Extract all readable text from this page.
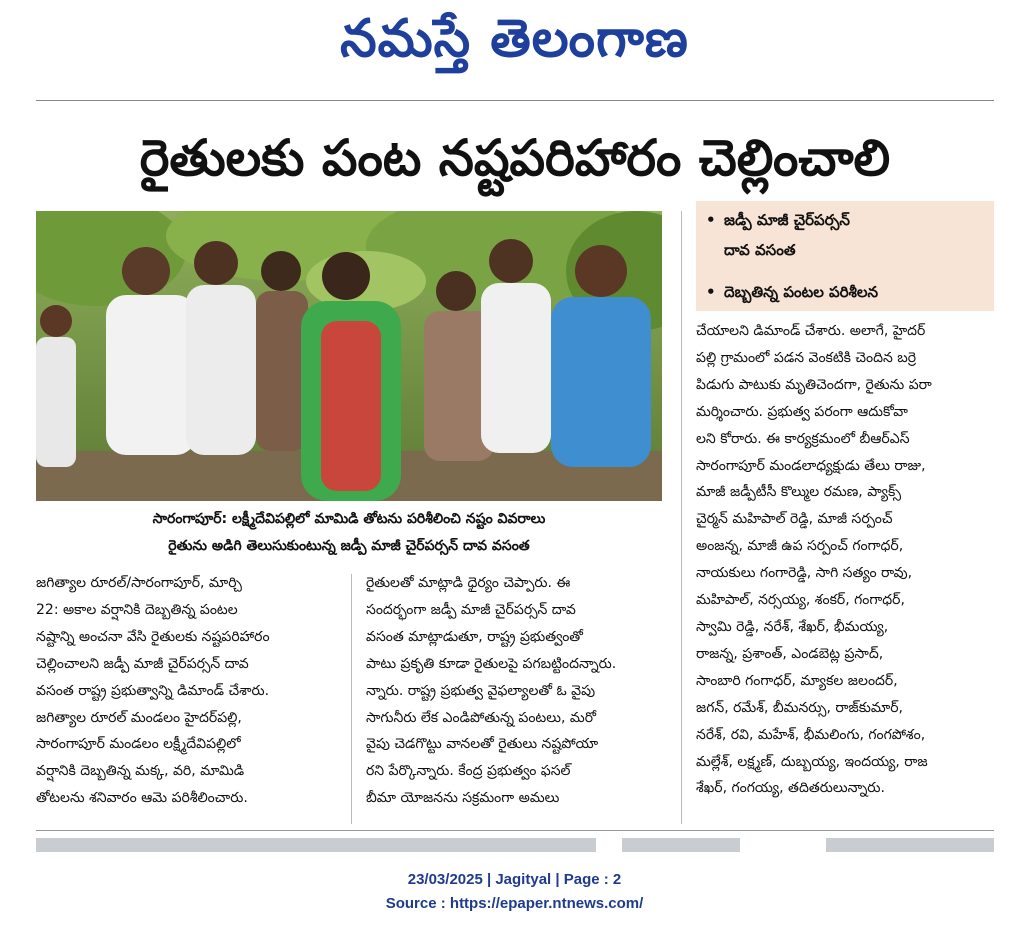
నమస్తే తెలంగాణ
రైతులకు పంట నష్టపరిహారం చెల్లించాలి
సారంగాపూర్: లక్ష్మీదేవిపల్లిలో మామిడి తోటను పరిశీలించి నష్టం వివరాలు
రైతును అడిగి తెలుసుకుంటున్న జడ్పీ మాజీ చైర్‌పర్సన్ దావ వసంత
• జడ్పీ మాజీ చైర్‌పర్సన్
దావ వసంత
• దెబ్బతిన్న పంటల పరిశీలన

జగిత్యాల రూరల్/సారంగాపూర్, మార్చి

22: అకాల వర్షానికి దెబ్బతిన్న పంటల

నష్టాన్ని అంచనా వేసి రైతులకు నష్టపరిహారం

చెల్లించాలని జడ్పీ మాజీ చైర్‌పర్సన్ దావ

వసంత రాష్ట్ర ప్రభుత్వాన్ని డిమాండ్ చేశారు.

జగిత్యాల రూరల్ మండలం హైదర్‌పల్లి,

సారంగాపూర్ మండలం లక్ష్మీదేవిపల్లిలో

వర్షానికి దెబ్బతిన్న మక్క, వరి, మామిడి

తోటలను శనివారం ఆమె పరిశీలించారు.

రైతులతో మాట్లాడి ధైర్యం చెప్పారు. ఈ

సందర్భంగా జడ్పీ మాజీ చైర్‌పర్సన్ దావ

వసంత మాట్లాడుతూ, రాష్ట్ర ప్రభుత్వంతో

పాటు ప్రకృతి కూడా రైతులపై పగబట్టిందన్నారు.

న్నారు. రాష్ట్ర ప్రభుత్వ వైఫల్యాలతో ఓ వైపు

సాగునీరు లేక ఎండిపోతున్న పంటలు, మరో

వైపు చెడగొట్టు వానలతో రైతులు నష్టపోయా

రని పేర్కొన్నారు. కేంద్ర ప్రభుత్వం ఫసల్

బీమా యోజనను సక్రమంగా అమలు

చేయాలని డిమాండ్ చేశారు. అలాగే, హైదర్

పల్లి గ్రామంలో పడన వెంకటికి చెందిన బర్రె

పిడుగు పాటుకు మృతిచెందగా, రైతును పరా

మర్శించారు. ప్రభుత్వ పరంగా ఆదుకోవా

లని కోరారు. ఈ కార్యక్రమంలో బీఆర్‌ఎస్

సారంగాపూర్ మండలాధ్యక్షుడు తేలు రాజు,

మాజీ జడ్పీటీసీ కొల్ముల రమణ, ప్యాక్స్

చైర్మన్ మహిపాల్ రెడ్డి, మాజీ సర్పంచ్

అంజన్న, మాజీ ఉప సర్పంచ్ గంగాధర్,

నాయకులు గంగారెడ్డి, సాగి సత్యం రావు,

మహిపాల్, నర్సయ్య, శంకర్, గంగాధర్,

స్వామి రెడ్డి, నరేశ్, శేఖర్, భీమయ్య,

రాజన్న, ప్రశాంత్, ఎండబెట్ల ప్రసాద్,

సాంబారి గంగాధర్, మ్యాకల జలందర్,

జగన్, రమేశ్, బీమనర్సు, రాజ్‌కుమార్,

నరేశ్, రవి, మహేశ్, భీమలింగు, గంగపోశం,

మల్లేశ్, లక్ష్మణ్, దుబ్బయ్య, ఇందయ్య, రాజ

శేఖర్, గంగయ్య, తదితరులున్నారు.

23/03/2025 | Jagityal | Page : 2
Source : https://epaper.ntnews.com/
